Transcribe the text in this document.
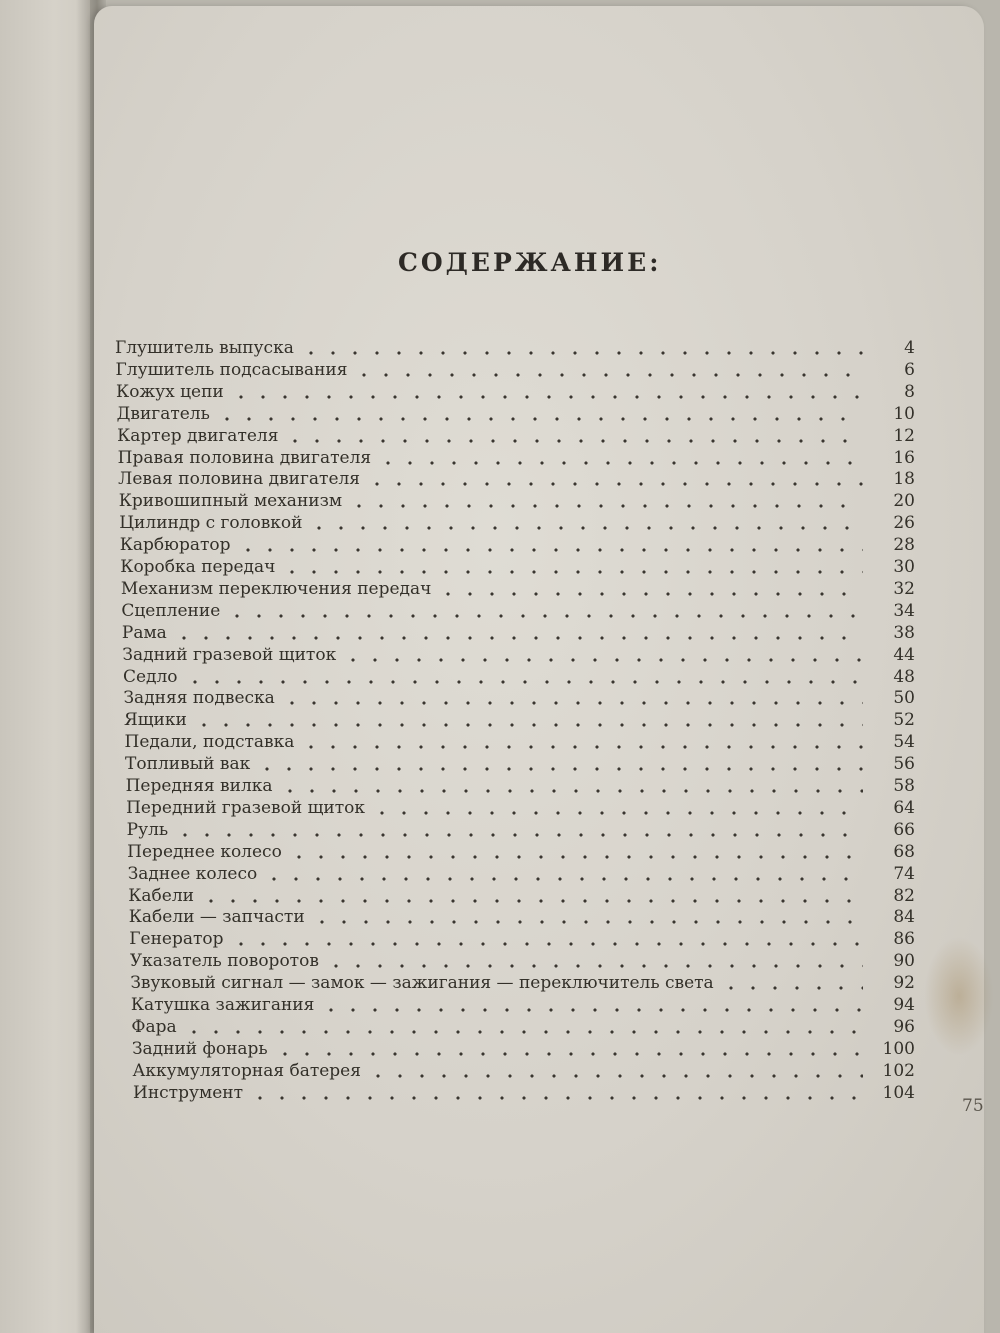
СОДЕРЖАНИЕ:
Глушитель выпуска	4
Глушитель подсасывания	6
Кожух цепи	8
Двигатель	10
Картер двигателя	12
Правая половина двигателя	16
Левая половина двигателя	18
Кривошипный механизм	20
Цилиндр с головкой	26
Карбюратор	28
Коробка передач	30
Механизм переключения передач	32
Сцепление	34
Рама	38
Задний гразевой щиток	44
Седло	48
Задняя подвеска	50
Ящики	52
Педали, подставка	54
Топливый вак	56
Передняя вилка	58
Передний гразевой щиток	64
Руль	66
Переднее колесо	68
Заднее колесо	74
Кабели	82
Кабели — запчасти	84
Генератор	86
Указатель поворотов	90
Звуковый сигнал — замок — зажигания — переключитель света	92
Катушка зажигания	94
Фара	96
Задний фонарь	100
Аккумуляторная батерея	102
Инструмент	104
75
